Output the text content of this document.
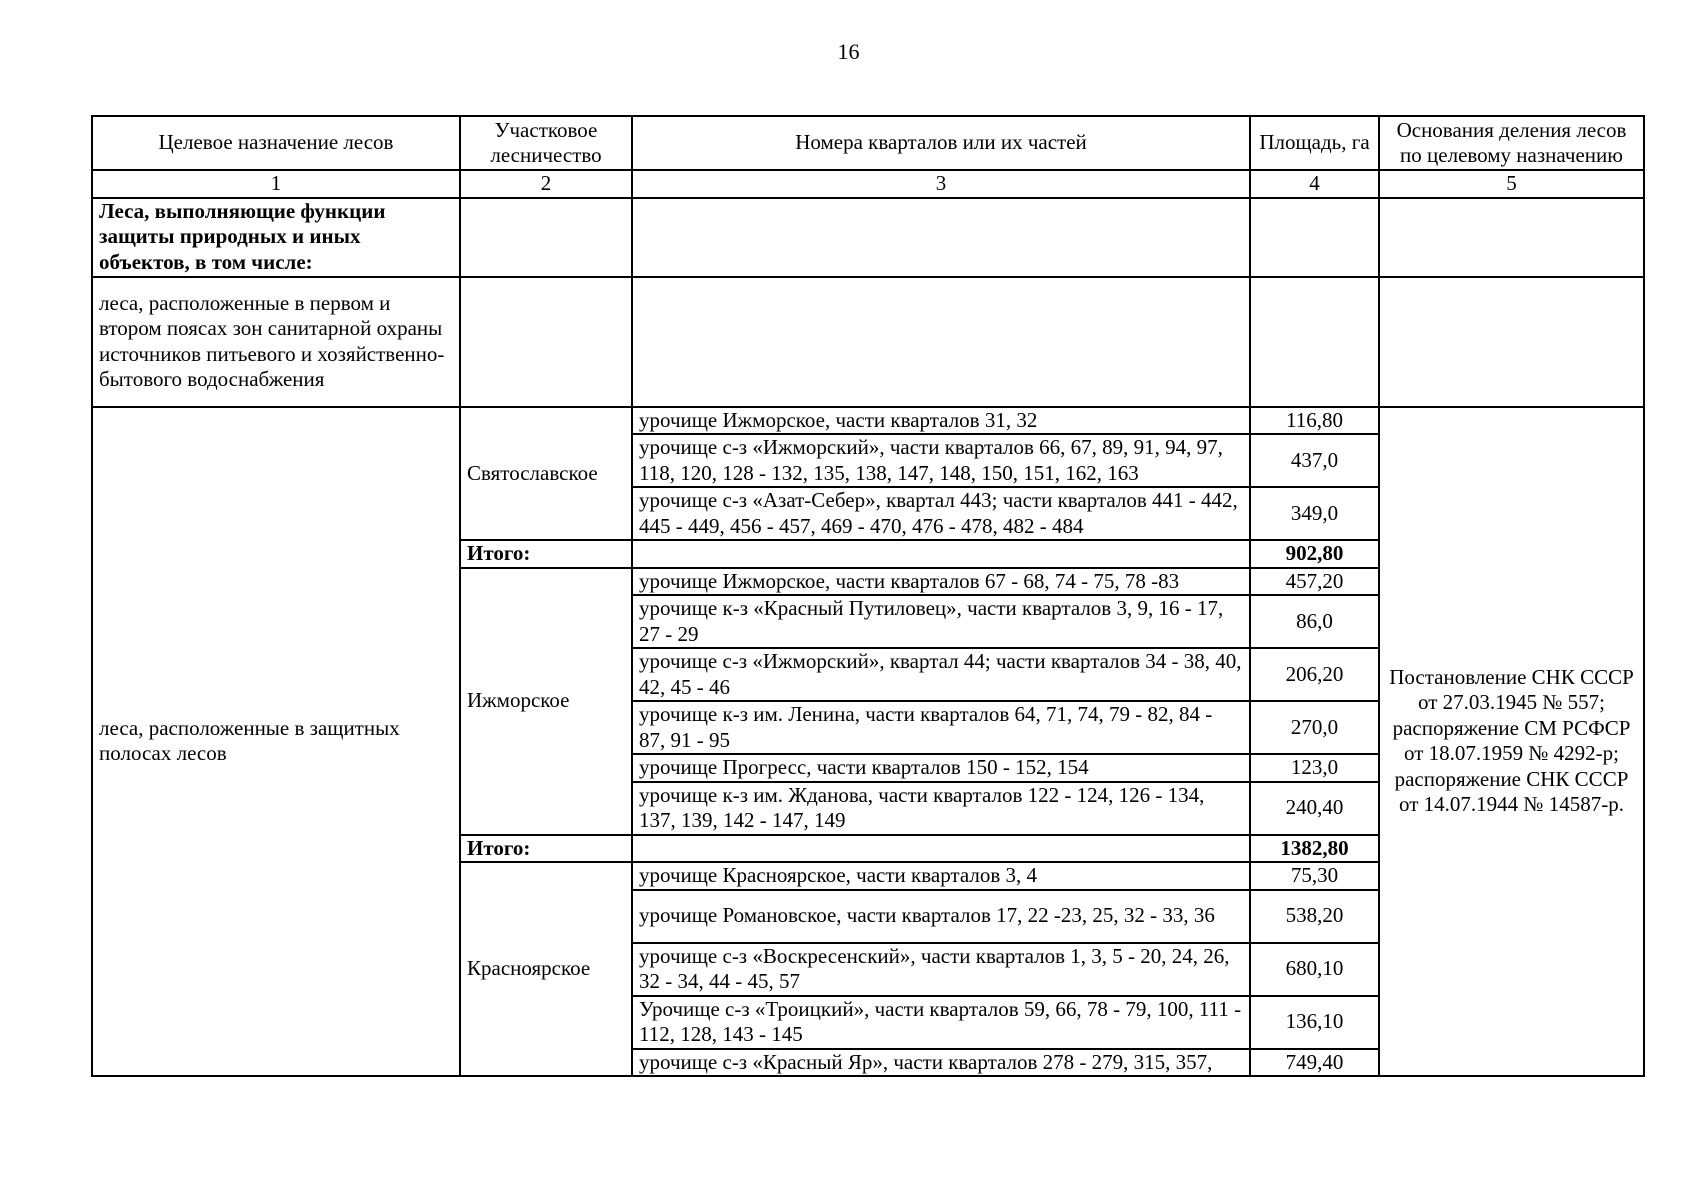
16
Целевое назначение лесов	Участковое лесничество	Номера кварталов или их частей	Площадь, га	Основания деления лесов по целевому назначению
1	2	3	4	5
Леса, выполняющие функции защиты природных и иных объектов, в том числе:				
леса, расположенные в первом и втором поясах зон санитарной охраны источников питьевого и хозяйственно-бытового водоснабжения				
леса, расположенные в защитных полосах лесов	Святославское	урочище Ижморское, части кварталов 31, 32	116,80	Постановление СНК СССР от 27.03.1945 № 557; распоряжение СМ РСФСР от 18.07.1959 № 4292-р; распоряжение СНК СССР от 14.07.1944 № 14587-р.
		урочище с-з «Ижморский», части кварталов 66, 67, 89, 91, 94, 97, 118, 120, 128 - 132, 135, 138, 147, 148, 150, 151, 162, 163	437,0	
		урочище с-з «Азат-Себер», квартал 443; части кварталов 441 - 442, 445 - 449, 456 - 457, 469 - 470, 476 - 478, 482 - 484	349,0	
	Итого:		902,80	
	Ижморское	урочище Ижморское, части кварталов 67 - 68, 74 - 75, 78 -83	457,20	
		урочище к-з «Красный Путиловец», части кварталов 3, 9, 16 - 17, 27 - 29	86,0	
		урочище с-з «Ижморский», квартал 44; части кварталов 34 - 38, 40, 42, 45 - 46	206,20	
		урочище к-з им. Ленина, части кварталов 64, 71, 74, 79 - 82, 84 - 87, 91 - 95	270,0	
		урочище Прогресс, части кварталов 150 - 152, 154	123,0	
		урочище к-з им. Жданова, части кварталов 122 - 124, 126 - 134, 137, 139, 142 - 147, 149	240,40	
	Итого:		1382,80	
	Красноярское	урочище Красноярское, части кварталов 3, 4	75,30	
		урочище Романовское, части кварталов 17, 22 -23, 25, 32 - 33, 36	538,20	
		урочище с-з «Воскресенский», части кварталов 1, 3, 5 - 20, 24, 26, 32 - 34, 44 - 45, 57	680,10	
		Урочище с-з «Троицкий», части кварталов 59, 66, 78 - 79, 100, 111 - 112, 128, 143 - 145	136,10	
		урочище с-з «Красный Яр», части кварталов 278 - 279, 315, 357,	749,40	
